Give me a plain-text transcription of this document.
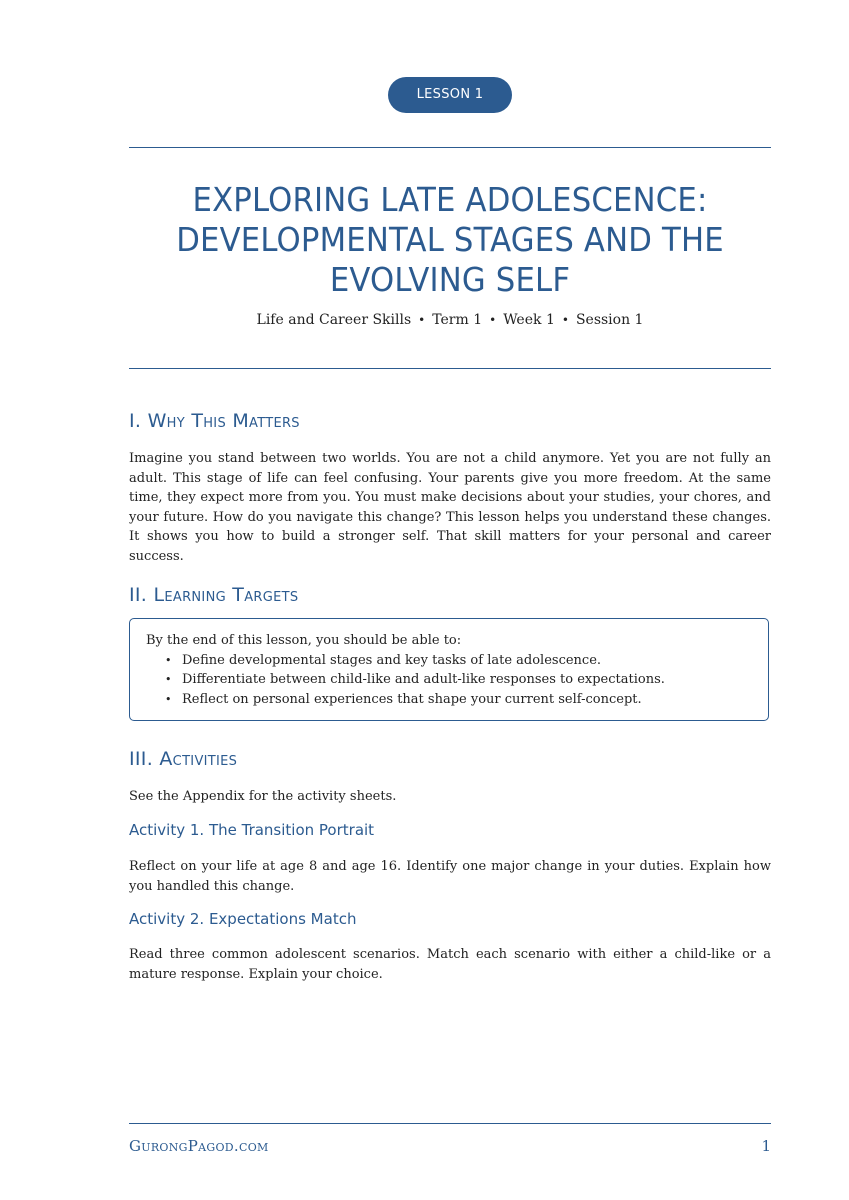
LESSON 1
EXPLORING LATE ADOLESCENCE:
DEVELOPMENTAL STAGES AND THE
EVOLVING SELF
Life and Career Skills • Term 1 • Week 1 • Session 1
I. Why This Matters

Imagine you stand between two worlds. You are not a child anymore. Yet you are not fully an adult. This stage of life can feel confusing. Your parents give you more freedom. At the same time, they expect more from you. You must make decisions about your studies, your chores, and your future. How do you navigate this change? This lesson helps you understand these changes. It shows you how to build a stronger self. That skill matters for your personal and career success.

II. Learning Targets
By the end of this lesson, you should be able to:
• Define developmental stages and key tasks of late adolescence.
• Differentiate between child-like and adult-like responses to expectations.
• Reflect on personal experiences that shape your current self-concept.
III. Activities

See the Appendix for the activity sheets.

Activity 1. The Transition Portrait

Reflect on your life at age 8 and age 16. Identify one major change in your duties. Explain how you handled this change.

Activity 2. Expectations Match

Read three common adolescent scenarios. Match each scenario with either a child-like or a mature response. Explain your choice.

GurongPagod.com	1
